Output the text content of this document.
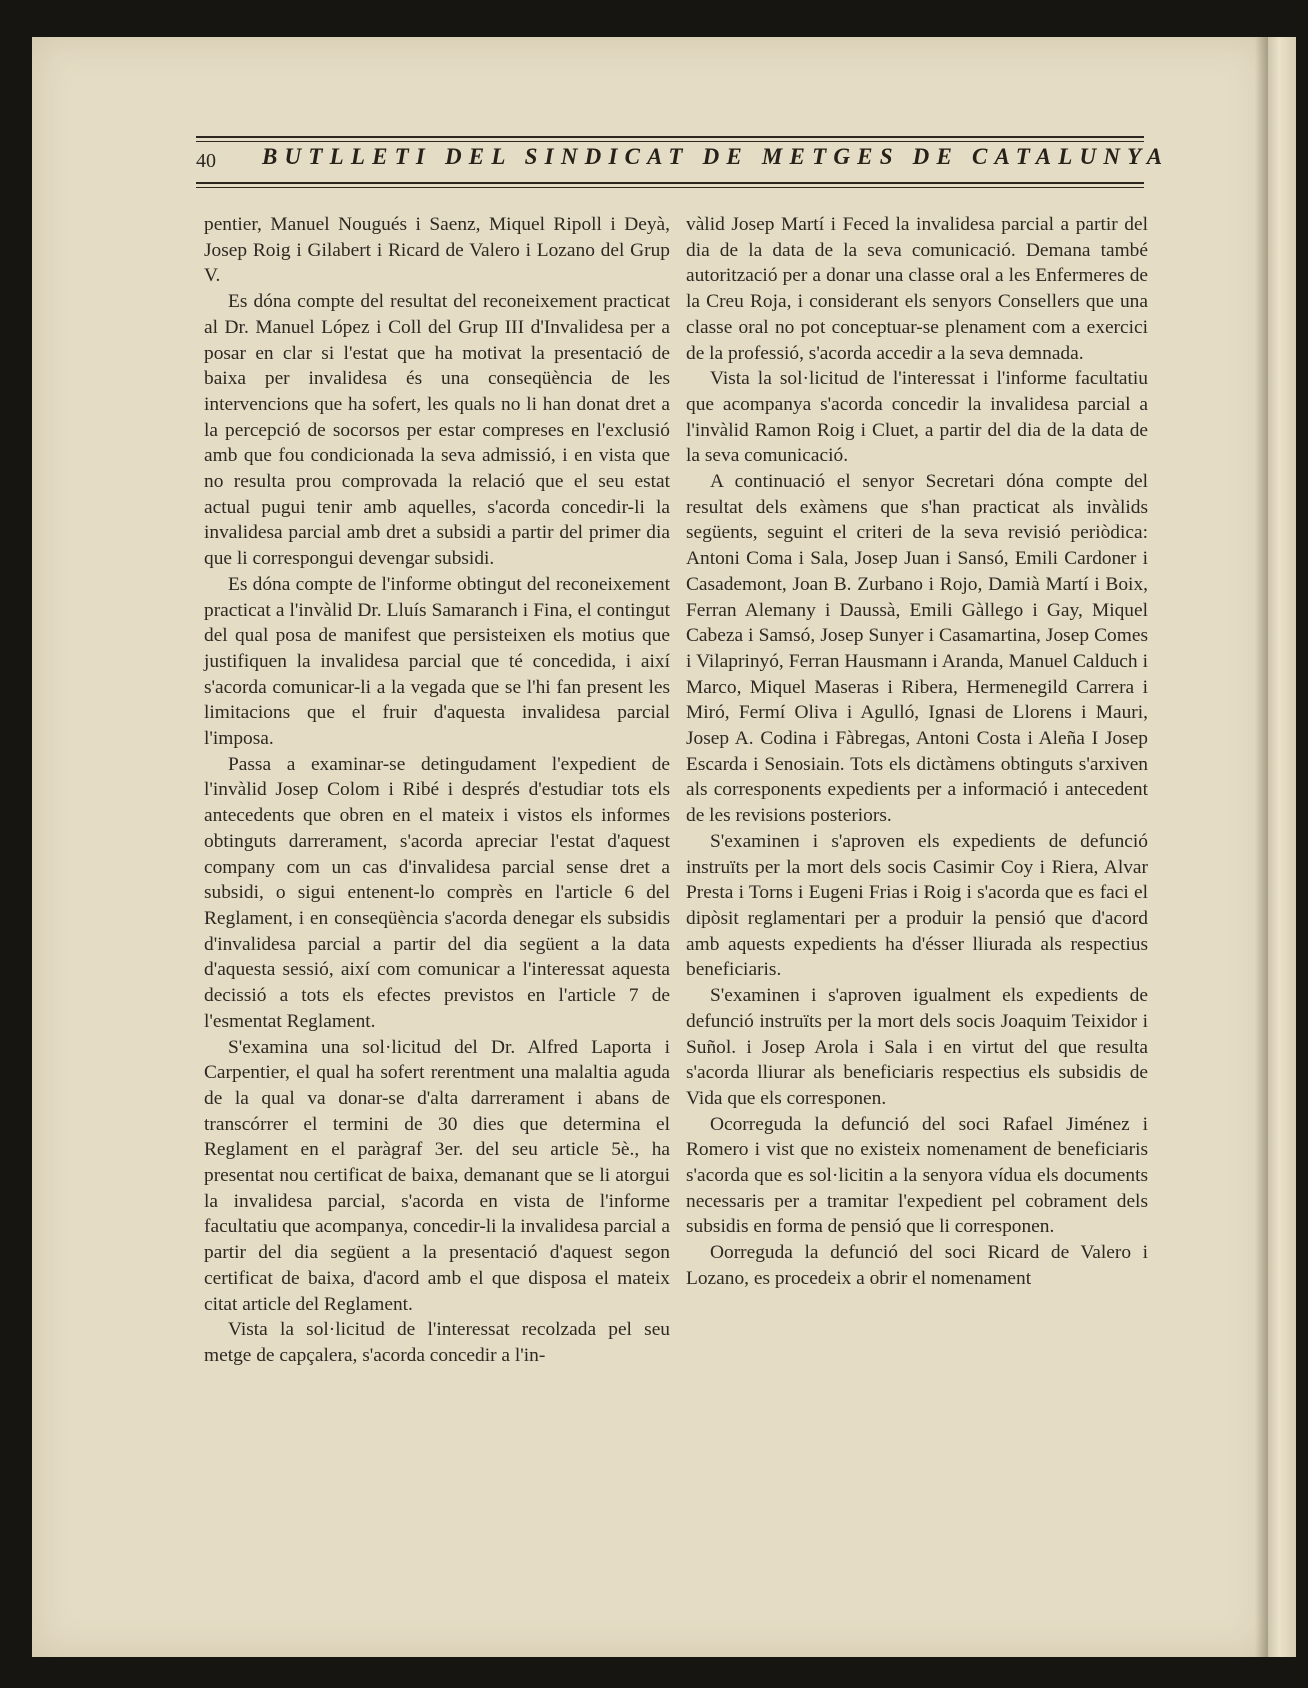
40 BUTLLETI DEL SINDICAT DE METGES DE CATALUNYA

pentier, Manuel Nougués i Saenz, Miquel Ripoll i Deyà, Josep Roig i Gilabert i Ricard de Valero i Lozano del Grup V.

Es dóna compte del resultat del reconeixement practicat al Dr. Manuel López i Coll del Grup III d'Invalidesa per a posar en clar si l'estat que ha motivat la presentació de baixa per invalidesa és una conseqüència de les intervencions que ha sofert, les quals no li han donat dret a la percepció de socorsos per estar compreses en l'exclusió amb que fou condicionada la seva admissió, i en vista que no resulta prou comprovada la relació que el seu estat actual pugui tenir amb aquelles, s'acorda concedir-li la invalidesa parcial amb dret a subsidi a partir del primer dia que li correspongui devengar subsidi.

Es dóna compte de l'informe obtingut del reconeixement practicat a l'invàlid Dr. Lluís Samaranch i Fina, el contingut del qual posa de manifest que persisteixen els motius que justifiquen la invalidesa parcial que té concedida, i així s'acorda comunicar-li a la vegada que se l'hi fan present les limitacions que el fruir d'aquesta invalidesa parcial l'imposa.

Passa a examinar-se detingudament l'expedient de l'invàlid Josep Colom i Ribé i després d'estudiar tots els antecedents que obren en el mateix i vistos els informes obtinguts darrerament, s'acorda apreciar l'estat d'aquest company com un cas d'invalidesa parcial sense dret a subsidi, o sigui entenent-lo comprès en l'article 6 del Reglament, i en conseqüència s'acorda denegar els subsidis d'invalidesa parcial a partir del dia següent a la data d'aquesta sessió, així com comunicar a l'interessat aquesta decissió a tots els efectes previstos en l'article 7 de l'esmentat Reglament.

S'examina una sol·licitud del Dr. Alfred Laporta i Carpentier, el qual ha sofert rerentment una malaltia aguda de la qual va donar-se d'alta darrerament i abans de transcórrer el termini de 30 dies que determina el Reglament en el paràgraf 3er. del seu article 5è., ha presentat nou certificat de baixa, demanant que se li atorgui la invalidesa parcial, s'acorda en vista de l'informe facultatiu que acompanya, concedir-li la invalidesa parcial a partir del dia següent a la presentació d'aquest segon certificat de baixa, d'acord amb el que disposa el mateix citat article del Reglament.

Vista la sol·licitud de l'interessat recolzada pel seu metge de capçalera, s'acorda concedir a l'in-

vàlid Josep Martí i Feced la invalidesa parcial a partir del dia de la data de la seva comunicació. Demana també autorització per a donar una classe oral a les Enfermeres de la Creu Roja, i considerant els senyors Consellers que una classe oral no pot conceptuar-se plenament com a exercici de la professió, s'acorda accedir a la seva demnada.

Vista la sol·licitud de l'interessat i l'informe facultatiu que acompanya s'acorda concedir la invalidesa parcial a l'invàlid Ramon Roig i Cluet, a partir del dia de la data de la seva comunicació.

A continuació el senyor Secretari dóna compte del resultat dels exàmens que s'han practicat als invàlids següents, seguint el criteri de la seva revisió periòdica: Antoni Coma i Sala, Josep Juan i Sansó, Emili Cardoner i Casademont, Joan B. Zurbano i Rojo, Damià Martí i Boix, Ferran Alemany i Daussà, Emili Gàllego i Gay, Miquel Cabeza i Samsó, Josep Sunyer i Casamartina, Josep Comes i Vilaprinyó, Ferran Hausmann i Aranda, Manuel Calduch i Marco, Miquel Maseras i Ribera, Hermenegild Carrera i Miró, Fermí Oliva i Agulló, Ignasi de Llorens i Mauri, Josep A. Codina i Fàbregas, Antoni Costa i Aleña I Josep Escarda i Senosiain. Tots els dictàmens obtinguts s'arxiven als corresponents expedients per a informació i antecedent de les revisions posteriors.

S'examinen i s'aproven els expedients de defunció instruïts per la mort dels socis Casimir Coy i Riera, Alvar Presta i Torns i Eugeni Frias i Roig i s'acorda que es faci el dipòsit reglamentari per a produir la pensió que d'acord amb aquests expedients ha d'ésser lliurada als respectius beneficiaris.

S'examinen i s'aproven igualment els expedients de defunció instruïts per la mort dels socis Joaquim Teixidor i Suñol. i Josep Arola i Sala i en virtut del que resulta s'acorda lliurar als beneficiaris respectius els subsidis de Vida que els corresponen.

Ocorreguda la defunció del soci Rafael Jiménez i Romero i vist que no existeix nomenament de beneficiaris s'acorda que es sol·licitin a la senyora vídua els documents necessaris per a tramitar l'expedient pel cobrament dels subsidis en forma de pensió que li corresponen.

Oorreguda la defunció del soci Ricard de Valero i Lozano, es procedeix a obrir el nomenament
